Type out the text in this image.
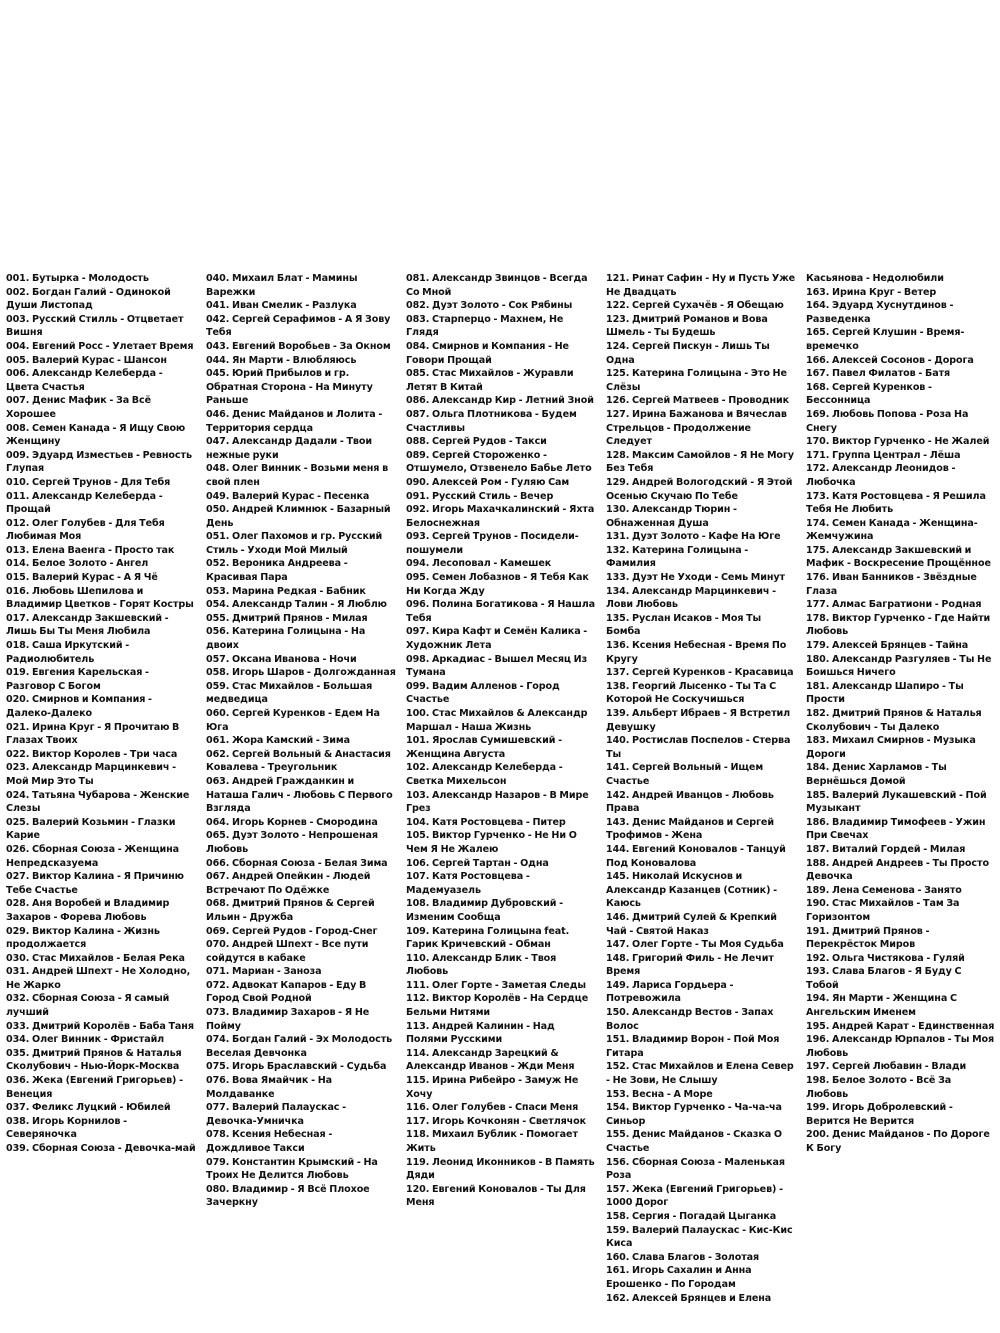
001. Бутырка - Молодость
002. Богдан Галий - Одинокой Души Листопад
003. Русский Стилль - Отцветает Вишня
004. Евгений Росс - Улетает Время
005. Валерий Курас - Шансон
006. Александр Келеберда - Цвета Счастья
007. Денис Мафик - За Всё Хорошее
008. Семен Канада - Я Ищу Свою Женщину
009. Эдуард Изместьев - Ревность Глупая
010. Сергей Трунов - Для Тебя
011. Александр Келеберда - Прощай
012. Олег Голубев - Для Тебя Любимая Моя
013. Елена Ваенга - Просто так
014. Белое Золото - Ангел
015. Валерий Курас - А Я Чё
016. Любовь Шепилова и Владимир Цветков - Горят Костры
017. Александр Закшевский - Лишь Бы Ты Меня Любила
018. Саша Иркутский - Радиолюбитель
019. Евгения Карельская - Разговор С Богом
020. Смирнов и Компания - Далеко-Далеко
021. Ирина Круг - Я Прочитаю В Глазах Твоих
022. Виктор Королев - Три часа
023. Александр Марцинкевич - Мой Мир Это Ты
024. Татьяна Чубарова - Женские Слезы
025. Валерий Козьмин - Глазки Карие
026. Сборная Союза - Женщина Непредсказуема
027. Виктор Калина - Я Причиню Тебе Счастье
028. Аня Воробей и Владимир Захаров - Форева Любовь
029. Виктор Калина - Жизнь продолжается
030. Стас Михайлов - Белая Река
031. Андрей Шпехт - Не Холодно, Не Жарко
032. Сборная Союза - Я самый лучший
033. Дмитрий Королёв - Баба Таня
034. Олег Винник - Фристайл
035. Дмитрий Прянов & Наталья Сколубович - Нью-Йорк-Москва
036. Жека (Евгений Григорьев) - Венеция
037. Феликс Луцкий - Юбилей
038. Игорь Корнилов - Северяночка
039. Сборная Союза - Девочка-май
040. Михаил Блат - Мамины Варежки
041. Иван Смелик - Разлука
042. Сергей Серафимов - А Я Зову Тебя
043. Евгений Воробьев - За Окном
044. Ян Марти - Влюбляюсь
045. Юрий Прибылов и гр. Обратная Сторона - На Минуту Раньше
046. Денис Майданов и Лолита - Территория сердца
047. Александр Дадали - Твои нежные руки
048. Олег Винник - Возьми меня в свой плен
049. Валерий Курас - Песенка
050. Андрей Климнюк - Базарный День
051. Олег Пахомов и гр. Русский Стиль - Уходи Мой Милый
052. Вероника Андреева - Красивая Пара
053. Марина Редкая - Бабник
054. Александр Талин - Я Люблю
055. Дмитрий Прянов - Милая
056. Катерина Голицына - На двоих
057. Оксана Иванова - Ночи
058. Игорь Шаров - Долгожданная
059. Стас Михайлов - Большая медведица
060. Сергей Куренков - Едем На Юга
061. Жора Камский - Зима
062. Сергей Вольный & Анастасия Ковалева - Треугольник
063. Андрей Гражданкин и Наташа Галич - Любовь С Первого Взгляда
064. Игорь Корнев - Смородина
065. Дуэт Золото - Непрошеная Любовь
066. Сборная Союза - Белая Зима
067. Андрей Опейкин - Людей Встречают По Одёжке
068. Дмитрий Прянов & Сергей Ильин - Дружба
069. Сергей Рудов - Город-Снег
070. Андрей Шпехт - Все пути сойдутся в кабаке
071. Мариан - Заноза
072. Адвокат Капаров - Еду В Город Свой Родной
073. Владимир Захаров - Я Не Пойму
074. Богдан Галий - Эх Молодость Веселая Девчонка
075. Игорь Браславский - Судьба
076. Вова Ямайчик - На Молдаванке
077. Валерий Палаускас - Девочка-Умничка
078. Ксения Небесная - Дождливое Такси
079. Константин Крымский - На Троих Не Делится Любовь
080. Владимир - Я Всё Плохое Зачеркну
081. Александр Звинцов - Всегда Со Мной
082. Дуэт Золото - Сок Рябины
083. Старперцо - Махнем, Не Глядя
084. Смирнов и Компания - Не Говори Прощай
085. Стас Михайлов - Журавли Летят В Китай
086. Александр Кир - Летний Зной
087. Ольга Плотникова - Будем Счастливы
088. Сергей Рудов - Такси
089. Сергей Стороженко - Отшумело, Отзвенело Бабье Лето
090. Алексей Ром - Гуляю Сам
091. Русский Стиль - Вечер
092. Игорь Махачкалинский - Яхта Белоснежная
093. Сергей Трунов - Посидели-пошумели
094. Лесоповал - Камешек
095. Семен Лобазнов - Я Тебя Как Ни Когда Жду
096. Полина Богатикова - Я Нашла Тебя
097. Кира Кафт и Семён Калика - Художник Лета
098. Аркадиас - Вышел Месяц Из Тумана
099. Вадим Алленов - Город Счастье
100. Стас Михайлов & Александр Маршал - Наша Жизнь
101. Ярослав Сумишевский - Женщина Августа
102. Александр Келеберда - Светка Михельсон
103. Александр Назаров - В Мире Грез
104. Катя Ростовцева - Питер
105. Виктор Гурченко - Не Ни О Чем Я Не Жалею
106. Сергей Тартан - Одна
107. Катя Ростовцева - Мадемуазель
108. Владимир Дубровский - Изменим Сообща
109. Катерина Голицына feat. Гарик Кричевский - Обман
110. Александр Блик - Твоя Любовь
111. Олег Горте - Заметая Следы
112. Виктор Королёв - На Сердце Бельми Нитями
113. Андрей Калинин - Над Полями Русскими
114. Александр Зарецкий & Александр Иванов - Жди Меня
115. Ирина Рибейро - Замуж Не Хочу
116. Олег Голубев - Спаси Меня
117. Игорь Кочконян - Светлячок
118. Михаил Бублик - Помогает Жить
119. Леонид Иконников - В Память Дяди
120. Евгений Коновалов - Ты Для Меня
121. Ринат Сафин - Ну и Пусть Уже Не Двадцать
122. Сергей Сухачёв - Я Обещаю
123. Дмитрий Романов и Вова Шмель - Ты Будешь
124. Сергей Пискун - Лишь Ты Одна
125. Катерина Голицына - Это Не Слёзы
126. Сергей Матвеев - Проводник
127. Ирина Бажанова и Вячеслав Стрельцов - Продолжение Следует
128. Максим Самойлов - Я Не Могу Без Тебя
129. Андрей Вологодский - Я Этой Осенью Скучаю По Тебе
130. Александр Тюрин - Обнаженная Душа
131. Дуэт Золото - Кафе На Юге
132. Катерина Голицына - Фамилия
133. Дуэт Не Уходи - Семь Минут
134. Александр Марцинкевич - Лови Любовь
135. Руслан Исаков - Моя Ты Бомба
136. Ксения Небесная - Время По Кругу
137. Сергей Куренков - Красавица
138. Георгий Лысенко - Ты Та С Которой Не Соскучишься
139. Альберт Ибраев - Я Встретил Девушку
140. Ростислав Поспелов - Стерва Ты
141. Сергей Вольный - Ищем Счастье
142. Андрей Иванцов - Любовь Права
143. Денис Майданов и Сергей Трофимов - Жена
144. Евгений Коновалов - Танцуй Под Коновалова
145. Николай Искуснов и Александр Казанцев (Сотник) - Каюсь
146. Дмитрий Сулей & Крепкий Чай - Святой Наказ
147. Олег Горте - Ты Моя Судьба
148. Григорий Филь - Не Лечит Время
149. Лариса Гордьера - Потревожила
150. Александр Вестов - Запах Волос
151. Владимир Ворон - Пой Моя Гитара
152. Стас Михайлов и Елена Север - Не Зови, Не Слышу
153. Весна - А Море
154. Виктор Гурченко - Ча-ча-ча Синьор
155. Денис Майданов - Сказка О Счастье
156. Сборная Союза - Маленькая Роза
157. Жека (Евгений Григорьев) - 1000 Дорог
158. Сергия - Погадай Цыганка
159. Валерий Палаускас - Кис-Кис Киса
160. Слава Благов - Золотая
161. Игорь Сахалин и Анна Ерошенко - По Городам
162. Алексей Брянцев и Елена
Касьянова - Недолюбили
163. Ирина Круг - Ветер
164. Эдуард Хуснутдинов - Разведенка
165. Сергей Клушин - Время-времечко
166. Алексей Сосонов - Дорога
167. Павел Филатов - Батя
168. Сергей Куренков - Бессонница
169. Любовь Попова - Роза На Снегу
170. Виктор Гурченко - Не Жалей
171. Группа Централ - Лёша
172. Александр Леонидов - Любочка
173. Катя Ростовцева - Я Решила Тебя Не Любить
174. Семен Канада - Женщина-Жемчужина
175. Александр Закшевский и Мафик - Воскресение Прощённое
176. Иван Банников - Звёздные Глаза
177. Алмас Багратиони - Родная
178. Виктор Гурченко - Где Найти Любовь
179. Алексей Брянцев - Тайна
180. Александр Разгуляев - Ты Не Боишься Ничего
181. Александр Шапиро - Ты Прости
182. Дмитрий Прянов & Наталья Сколубович - Ты Далеко
183. Михаил Смирнов - Музыка Дороги
184. Денис Харламов - Ты Вернёшься Домой
185. Валерий Лукашевский - Пой Музыкант
186. Владимир Тимофеев - Ужин При Свечах
187. Виталий Гордей - Милая
188. Андрей Андреев - Ты Просто Девочка
189. Лена Семенова - Занято
190. Стас Михайлов - Там За Горизонтом
191. Дмитрий Прянов - Перекрёсток Миров
192. Ольга Чистякова - Гуляй
193. Слава Благов - Я Буду С Тобой
194. Ян Марти - Женщина С Ангельским Именем
195. Андрей Карат - Единственная
196. Александр Юрпалов - Ты Моя Любовь
197. Сергей Любавин - Влади
198. Белое Золото - Всё За Любовь
199. Игорь Добролевский - Верится Не Верится
200. Денис Майданов - По Дороге К Богу
